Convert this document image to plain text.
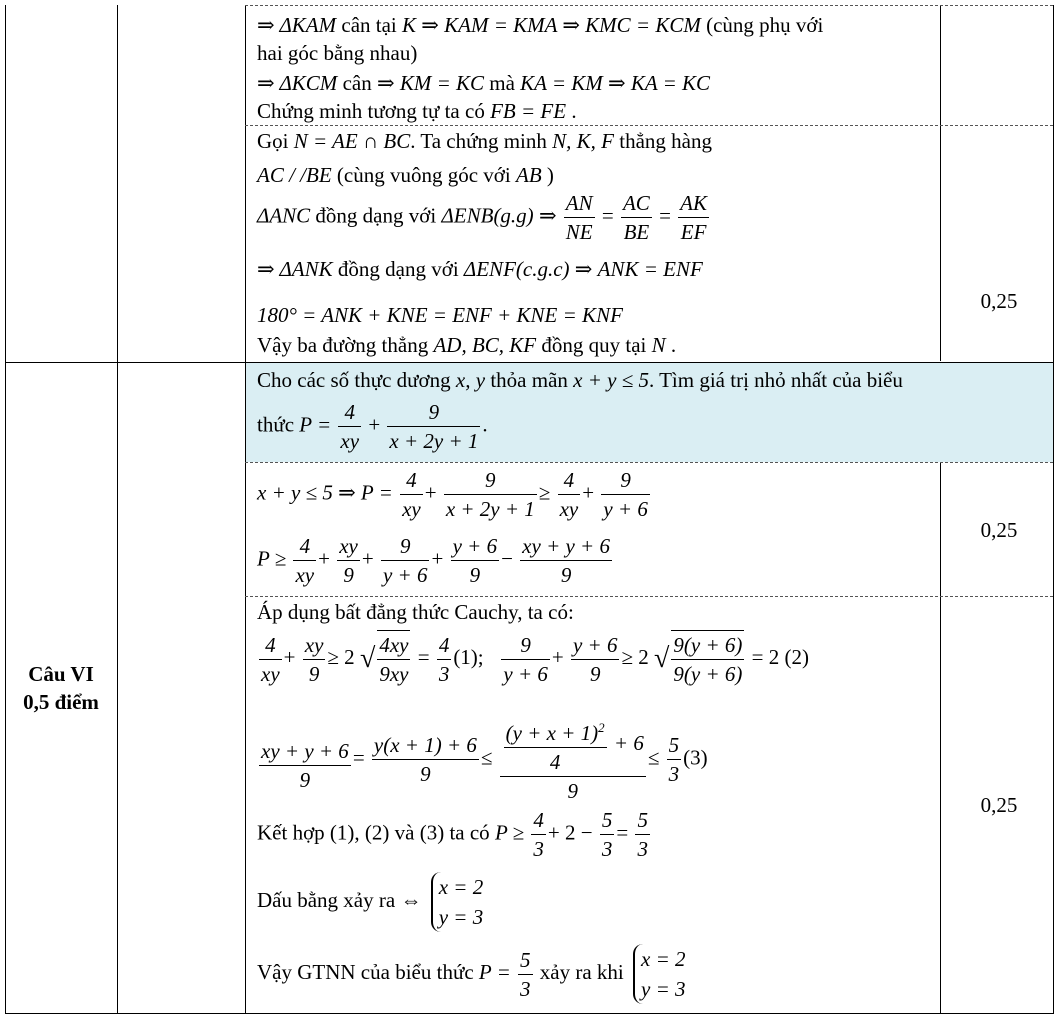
⇒ ΔKAM cân tại K ⇒ KAM = KMA ⇒ KMC = KCM (cùng phụ với
hai góc bằng nhau)
⇒ ΔKCM cân ⇒ KM = KC mà KA = KM ⇒ KA = KC
Chứng minh tương tự ta có FB = FE .
Gọi N = AE ∩ BC. Ta chứng minh N, K, F thẳng hàng
AC / /BE (cùng vuông góc với AB )
ΔANC đồng dạng với ΔENB(g.g) ⇒ $\frac{AN}{NE} = \frac{AC}{BE} = \frac{AK}{EF}$
⇒ ΔANK đồng dạng với ΔENF(c.g.c) ⇒ ANK = ENF
180° = ANK + KNE = ENF + KNE = KNF
Vậy ba đường thẳng AD, BC, KF đồng quy tại N .
0,25
Cho các số thực dương x, y thỏa mãn x + y ≤ 5. Tìm giá trị nhỏ nhất của biểu
thức $P = \frac{4}{xy} + \frac{9}{x + 2y + 1}$ .
x + y ≤ 5 ⇒ $P = \frac{4}{xy} + \frac{9}{x + 2y + 1} \ge \frac{4}{xy} + \frac{9}{y + 6}$
$P \ge \frac{4}{xy} + \frac{xy}{9} + \frac{9}{y + 6} + \frac{y + 6}{9} - \frac{xy + y + 6}{9}$
0,25
Câu VI
0,5 điểm
Áp dụng bất đẳng thức Cauchy, ta có:
$\frac{4}{xy} + \frac{xy}{9} \ge 2$ √ $\frac{4xy}{9xy} = \frac{4}{3} (1)$; $\frac{9}{y + 6} + \frac{y + 6}{9} \ge 2$ √ $\frac{9(y + 6)}{9(y + 6)} = 2$ (2)
$\frac{xy + y + 6}{9} = \frac{y(x + 1) + 6}{9} \le \frac{\frac{(y + x + 1)^2}{4} + 6}{9} \le \frac{5}{3} (3)$
Kết hợp (1), (2) và (3) ta có $P \ge \frac{4}{3} + 2 - \frac{5}{3} = \frac{5}{3}$
Dấu bằng xảy ra ⇔
x = 2
y = 3
Vậy GTNN của biểu thức $P = \frac{5}{3}$ xảy ra khi
x = 2
y = 3
0,25
